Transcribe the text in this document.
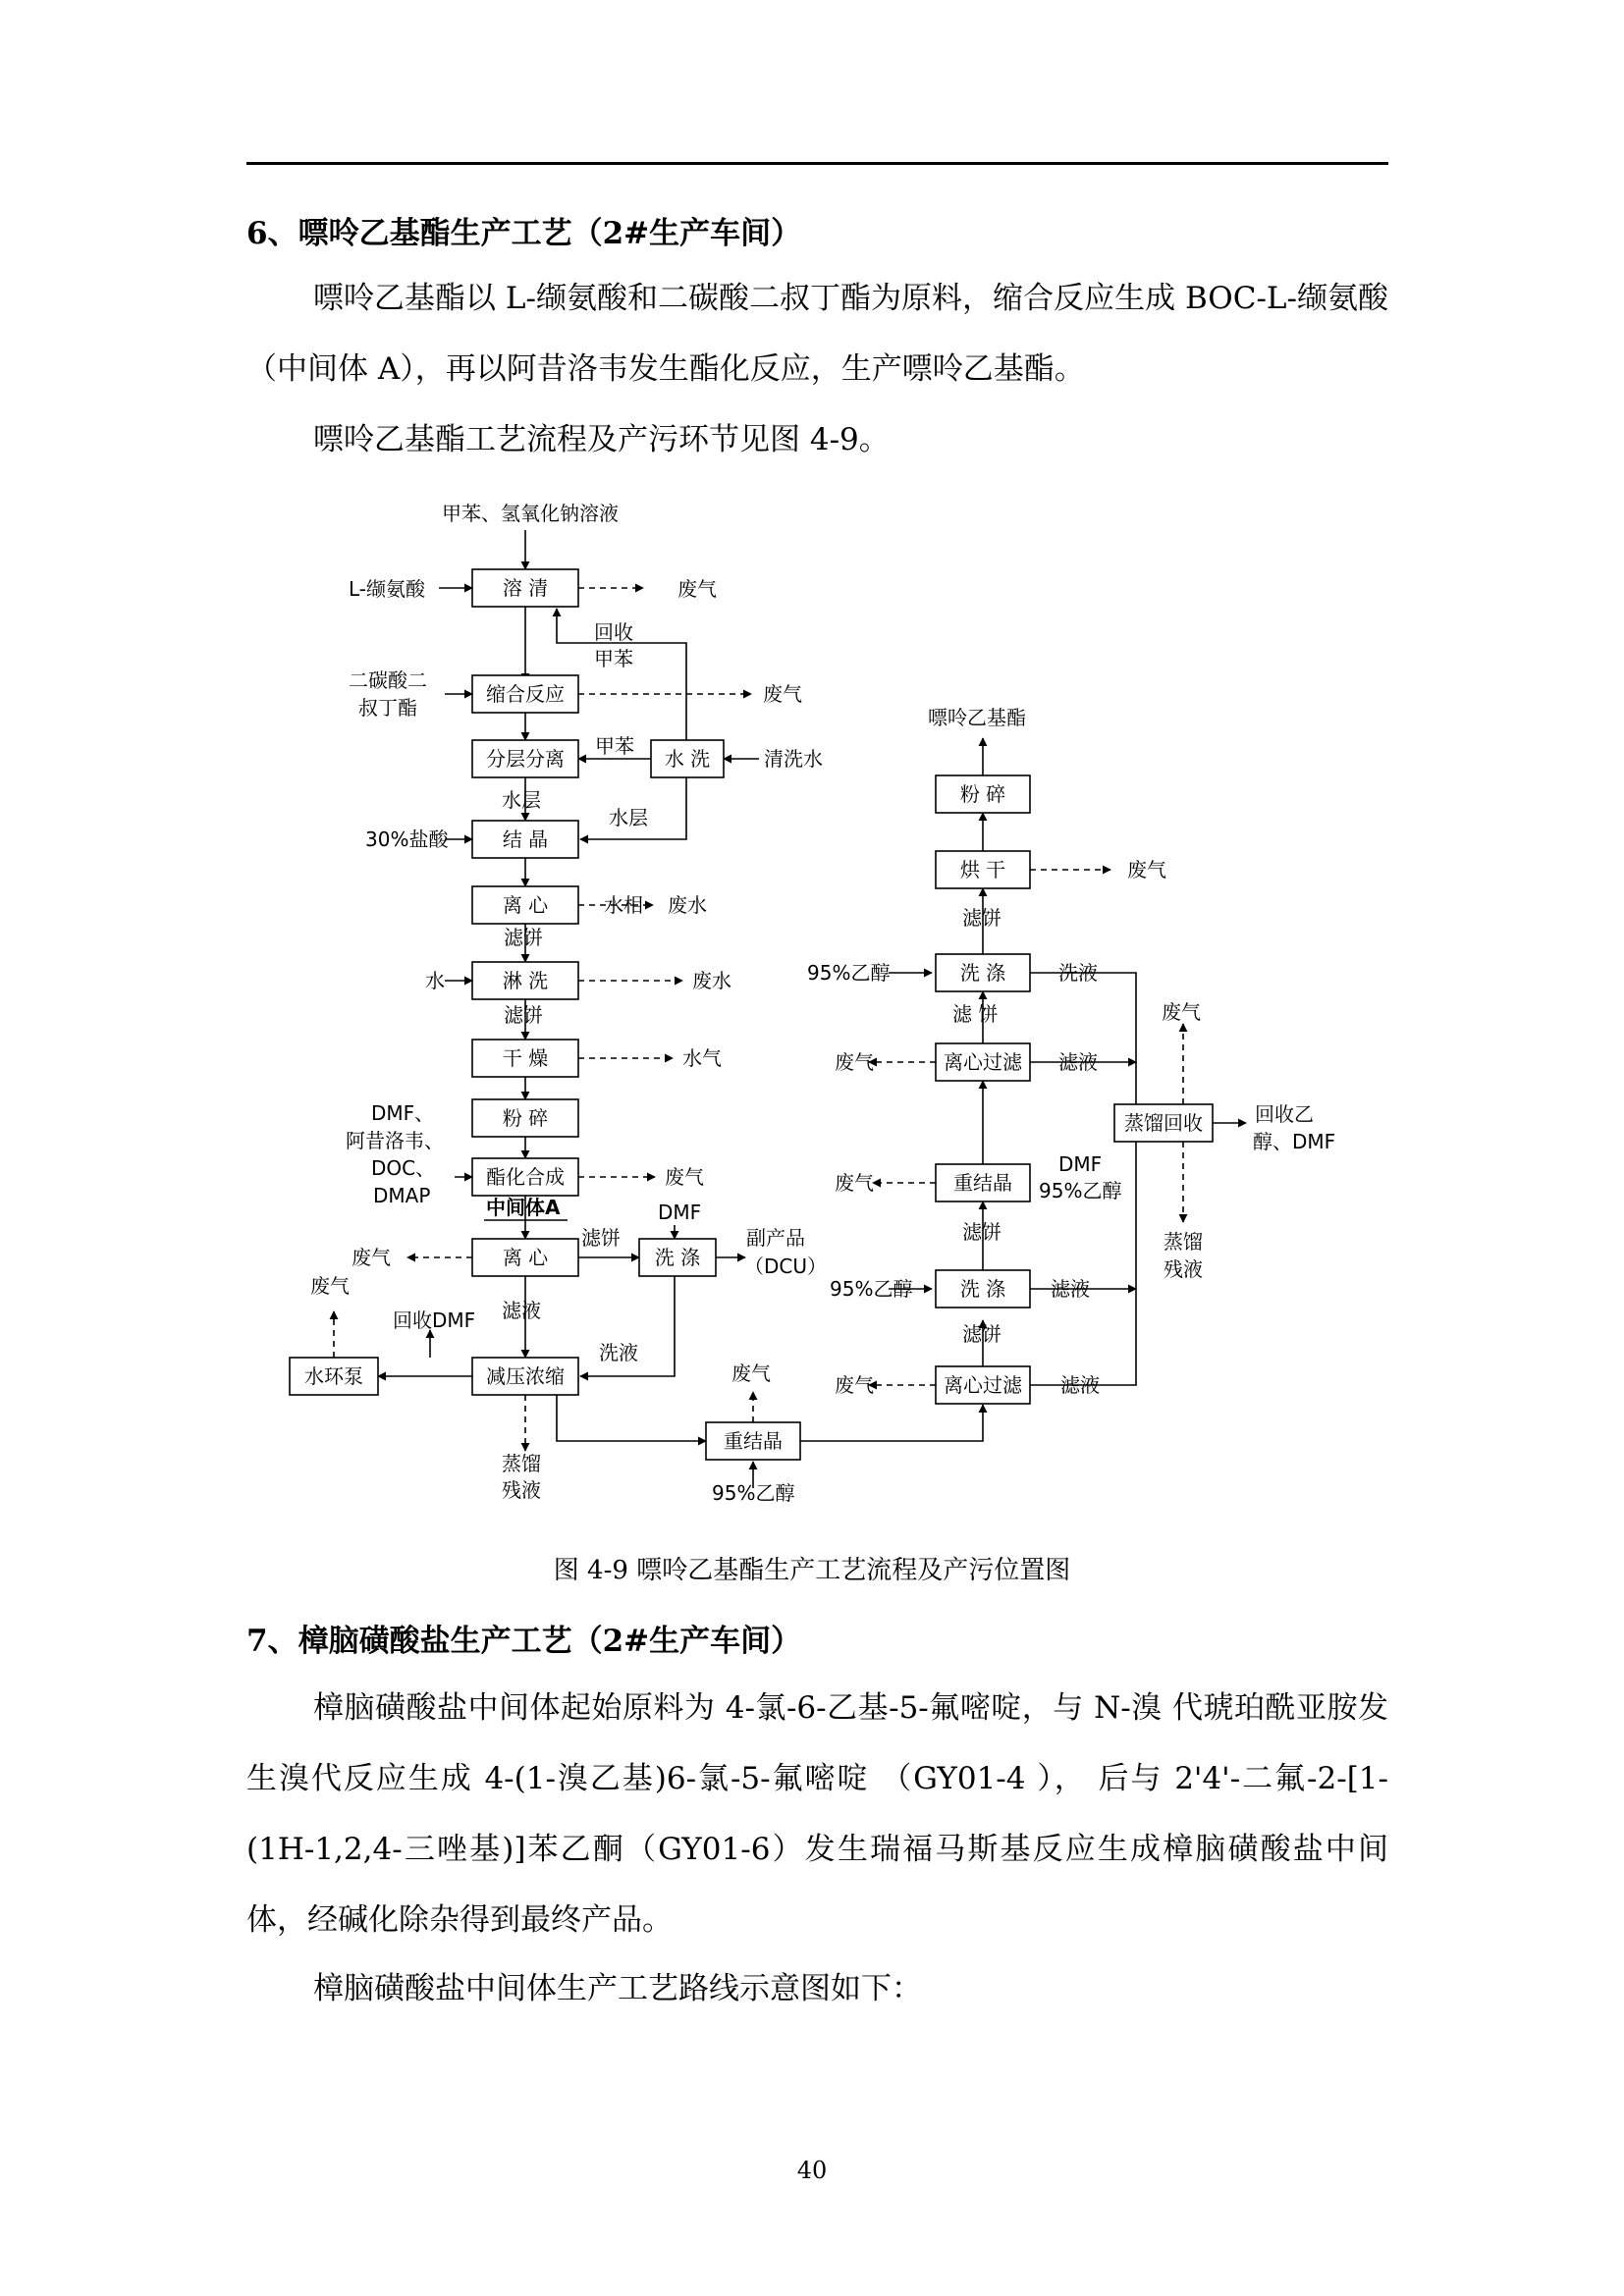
6、嘌呤乙基酯生产工艺（2#生产车间）

嘌呤乙基酯以 L-缬氨酸和二碳酸二叔丁酯为原料，缩合反应生成 BOC-L-缬氨酸（中间体 A），再以阿昔洛韦发生酯化反应，生产嘌呤乙基酯。

嘌呤乙基酯工艺流程及产污环节见图 4-9。

溶 清
缩合反应
分层分离	水 洗
结 晶
离 心
淋 洗
干 燥
粉 碎
酯化合成
离 心	洗 涤
水环泵	减压浓缩
重结晶
离心过滤
洗 涤
重结晶
离心过滤
洗 涤
烘 干
粉 碎
蒸馏回收
甲苯、氢氧化钠溶液
L-缬氨酸	废气
回收
甲苯
二碳酸二
叔丁酯
废气
甲苯
清洗水
水层
水层
30%盐酸
水相 废水
滤饼
水	废水
滤饼
水气
DMF、
阿昔洛韦、
DOC、
DMAP
废气
中间体A	DMF
滤饼
废气
副产品
（DCU）
废气
回收DMF 滤液
洗液
蒸馏
残液
废气
95%乙醇
废气	滤液
滤饼
95%乙醇	滤液
滤饼
废气
DMF
95%乙醇
废气	滤液
滤 饼
95%乙醇	洗液
滤饼
废气
嘌呤乙基酯
废气
回收乙
醇、DMF
蒸馏
残液

图 4-9 嘌呤乙基酯生产工艺流程及产污位置图

7、樟脑磺酸盐生产工艺（2#生产车间）

樟脑磺酸盐中间体起始原料为 4-氯-6-乙基-5-氟嘧啶，与 N-溴 代琥珀酰亚胺发生溴代反应生成 4-(1-溴乙基)6-氯-5-氟嘧啶 （GY01-4 ）， 后与 2'4'-二氟-2-[1-(1H-1,2,4-三唑基)]苯乙酮（GY01-6）发生瑞福马斯基反应生成樟脑磺酸盐中间体，经碱化除杂得到最终产品。

樟脑磺酸盐中间体生产工艺路线示意图如下：

40
